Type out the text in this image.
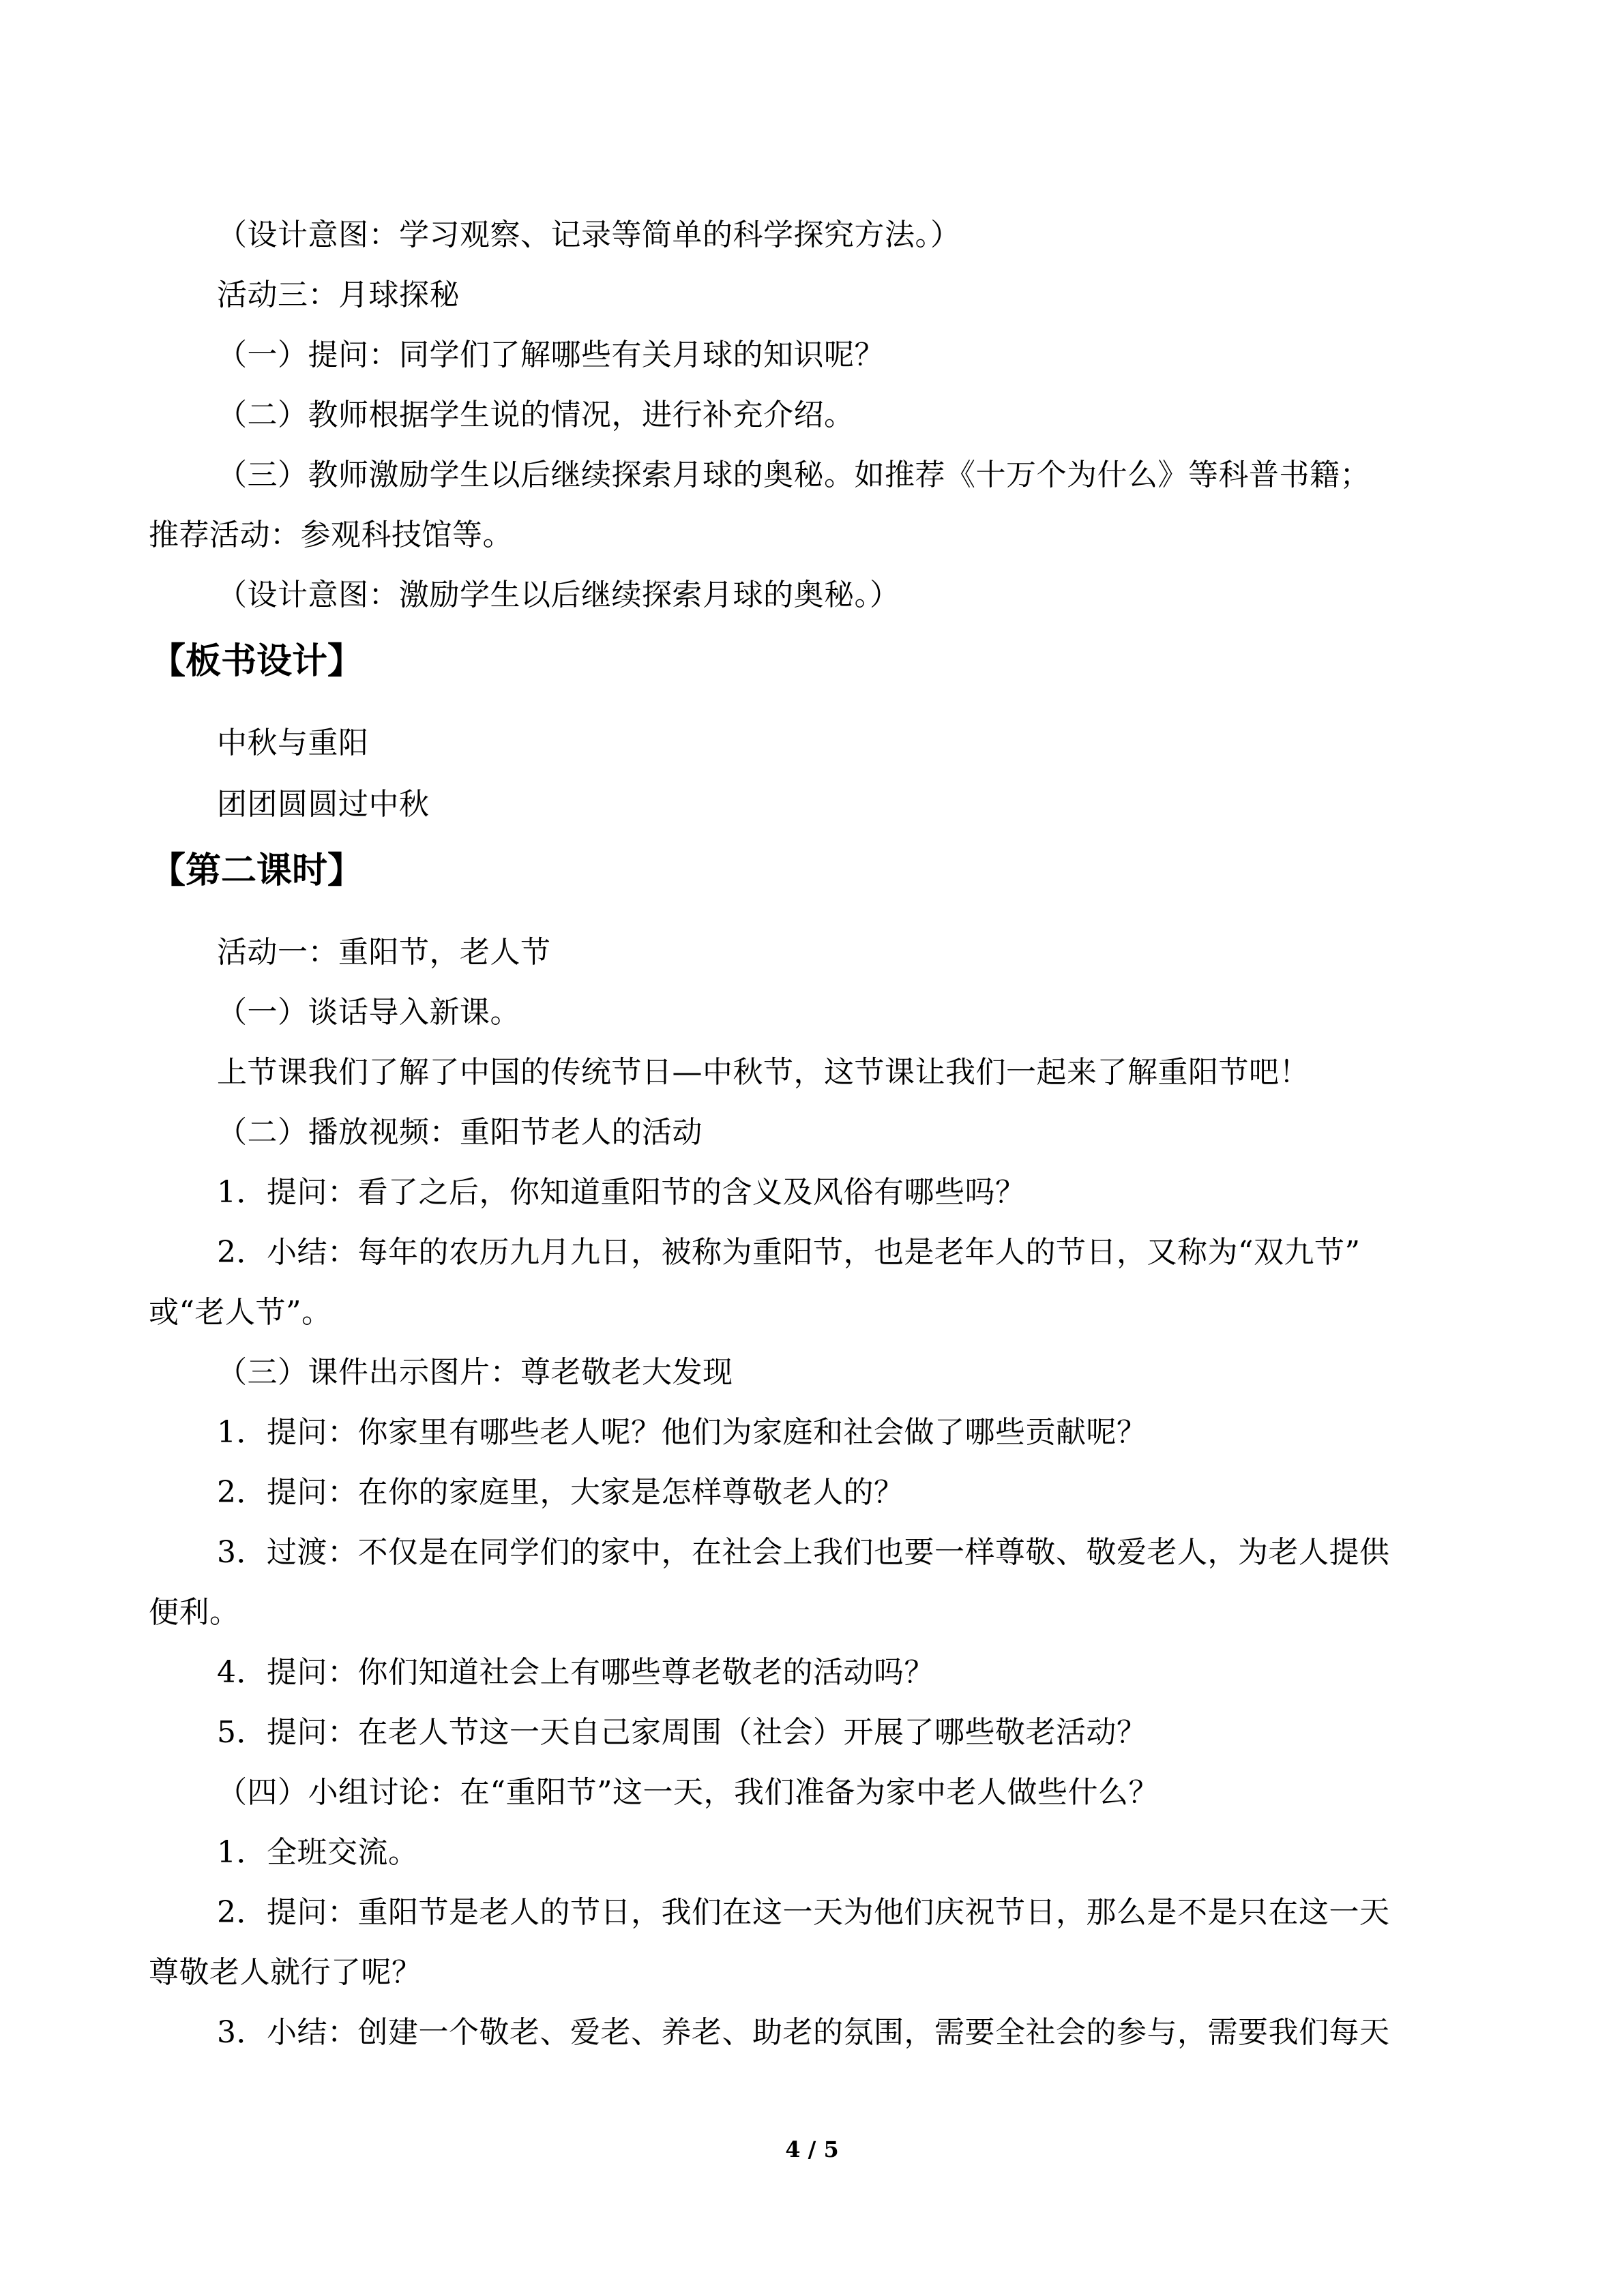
（设计意图：学习观察、记录等简单的科学探究方法。）
活动三：月球探秘
（一）提问：同学们了解哪些有关月球的知识呢？
（二）教师根据学生说的情况，进行补充介绍。
（三）教师激励学生以后继续探索月球的奥秘。如推荐《十万个为什么》等科普书籍；
推荐活动：参观科技馆等。
（设计意图：激励学生以后继续探索月球的奥秘。）
【板书设计】
中秋与重阳
团团圆圆过中秋
【第二课时】
活动一：重阳节，老人节
（一）谈话导入新课。
上节课我们了解了中国的传统节日—中秋节，这节课让我们一起来了解重阳节吧！
（二）播放视频：重阳节老人的活动
1．提问：看了之后，你知道重阳节的含义及风俗有哪些吗？
2．小结：每年的农历九月九日，被称为重阳节，也是老年人的节日，又称为“双九节”
或“老人节”。
（三）课件出示图片：尊老敬老大发现
1．提问：你家里有哪些老人呢？他们为家庭和社会做了哪些贡献呢？
2．提问：在你的家庭里，大家是怎样尊敬老人的？
3．过渡：不仅是在同学们的家中，在社会上我们也要一样尊敬、敬爱老人，为老人提供
便利。
4．提问：你们知道社会上有哪些尊老敬老的活动吗？
5．提问：在老人节这一天自己家周围（社会）开展了哪些敬老活动？
（四）小组讨论：在“重阳节”这一天，我们准备为家中老人做些什么？
1．全班交流。
2．提问：重阳节是老人的节日，我们在这一天为他们庆祝节日，那么是不是只在这一天
尊敬老人就行了呢？
3．小结：创建一个敬老、爱老、养老、助老的氛围，需要全社会的参与，需要我们每天
4 / 5
